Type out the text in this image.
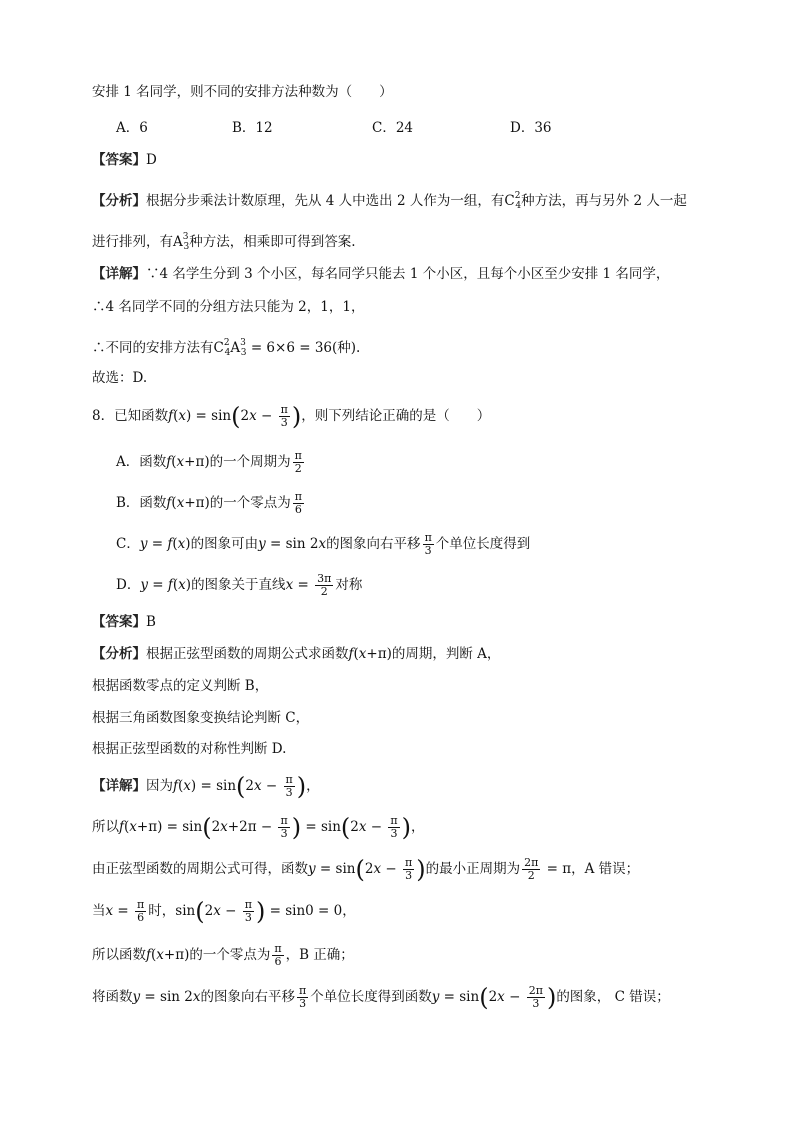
安排 1 名同学，则不同的安排方法种数为（　　）
A．6	B．12	C．24	D．36
【答案】D
【分析】根据分步乘法计数原理，先从 4 人中选出 2 人作为一组，有$C^2_4$种方法，再与另外 2 人一起
进行排列，有$A^3_3$种方法，相乘即可得到答案.
【详解】∵4 名学生分到 3 个小区，每名同学只能去 1 个小区，且每个小区至少安排 1 名同学，
∴4 名同学不同的分组方法只能为 2，1，1，
∴不同的安排方法有$C^2_4A^3_3 = 6\times 6 = 36$(种).
故选：D.
8．已知函数$f(x) = \sin(2x - \frac{\pi}{3}$ )，则下列结论正确的是（　　）
A．函数f(x+π)的一个周期为 $\frac{\pi}{2}$
B．函数f(x+π)的一个零点为 $\frac{\pi}{6}$
C．y = f(x)的图象可由y = sin 2x的图象向右平移 $\frac{\pi}{3}$ 个单位长度得到
D．y = f(x)的图象关于直线$x = \frac{3\pi}{2}$ 对称
【答案】B
【分析】根据正弦型函数的周期公式求函数f(x+π)的周期，判断 A，
根据函数零点的定义判断 B，
根据三角函数图象变换结论判断 C，
根据正弦型函数的对称性判断 D.
【详解】因为$f(x) = \sin(2x - \frac{\pi}{3}$ )，
所以$f(x+\pi) = \sin(2x+2\pi - \frac{\pi}{3}$ ) = $\sin(2x - \frac{\pi}{3}$ )，
由正弦型函数的周期公式可得，函数$y = \sin(2x - \frac{\pi}{3}$ )的最小正周期为 $\frac{2\pi}{2} = \pi$，A 错误；
当$x = \frac{\pi}{6}$ 时，$\sin(2x - \frac{\pi}{3}$ ) = sin0 = 0，
所以函数f(x+π)的一个零点为 $\frac{\pi}{6}$ ，B 正确；
将函数y = sin 2x的图象向右平移 $\frac{\pi}{3}$ 个单位长度得到函数$y = \sin(2x - \frac{2\pi}{3}$ )的图象， C 错误；
